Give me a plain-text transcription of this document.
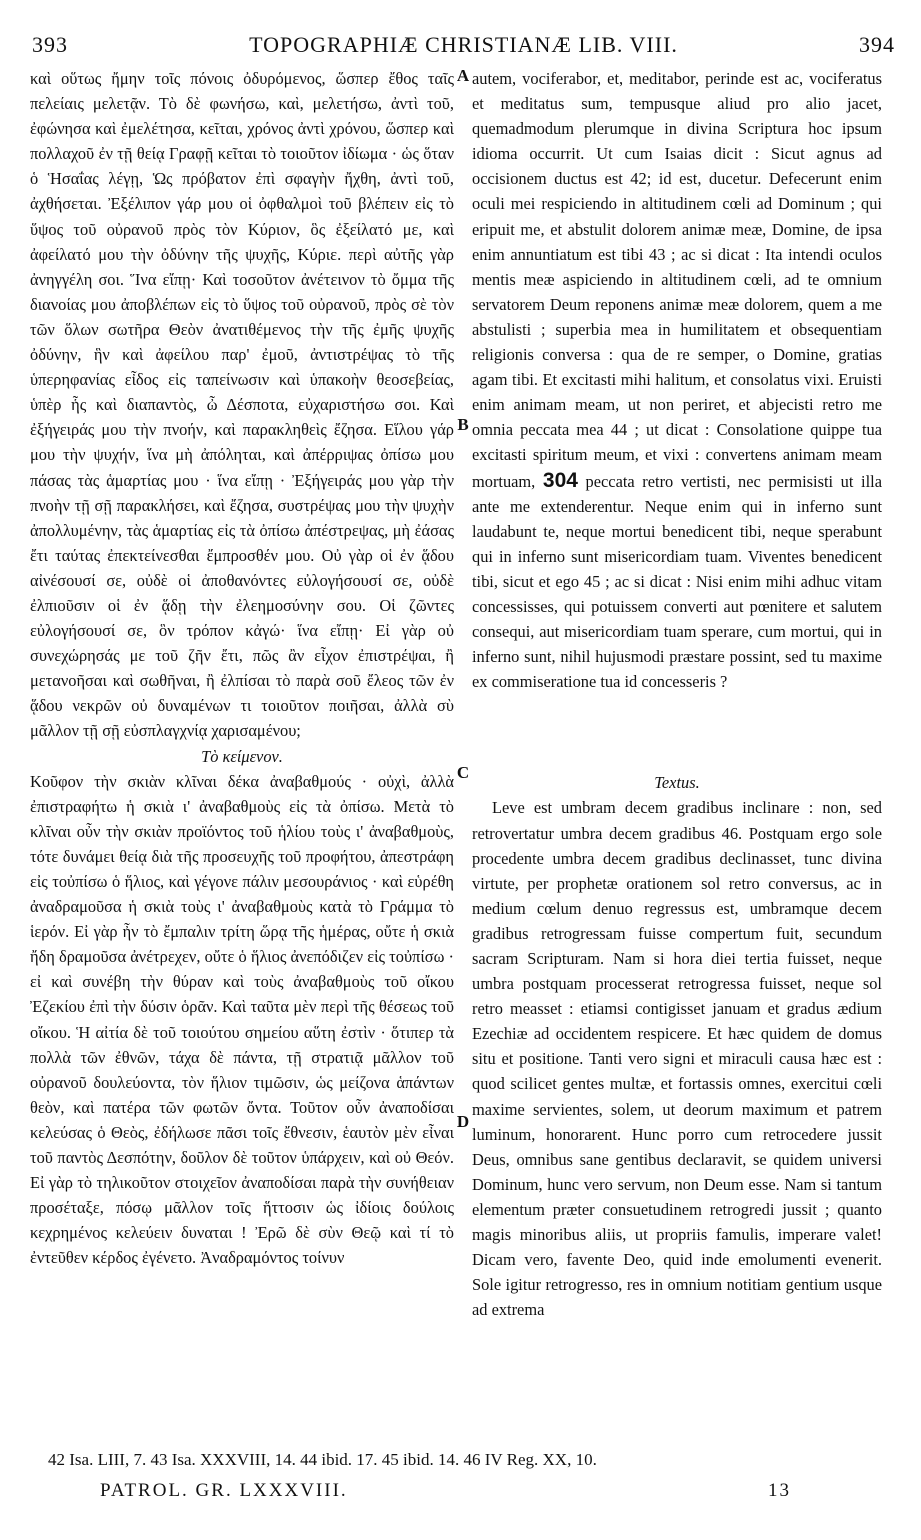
393	TOPOGRAPHIÆ CHRISTIANÆ LIB. VIII.	394

καὶ οὕτως ἤμην τοῖς πόνοις ὀδυρόμενος, ὥσπερ ἔθος ταῖς πελείαις μελετᾷν. Τὸ δὲ φωνήσω, καὶ, μελετήσω, ἀντὶ τοῦ, ἐφώνησα καὶ ἐμελέτησα, κεῖται, χρόνος ἀντὶ χρόνου, ὥσπερ καὶ πολλαχοῦ ἐν τῇ θείᾳ Γραφῇ κεῖται τὸ τοιοῦτον ἰδίωμα · ὡς ὅταν ὁ Ἡσαΐας λέγῃ, Ὡς πρόβατον ἐπὶ σφαγὴν ἤχθη, ἀντὶ τοῦ, ἀχθήσεται. Ἐξέλιπον γάρ μου οἱ ὀφθαλμοὶ τοῦ βλέπειν εἰς τὸ ὕψος τοῦ οὐρανοῦ πρὸς τὸν Κύριον, ὃς ἐξείλατό με, καὶ ἀφείλατό μου τὴν ὀδύνην τῆς ψυχῆς, Κύριε. περὶ αὐτῆς γὰρ ἀνηγγέλη σοι. Ἵνα εἴπῃ· Καὶ τοσοῦτον ἀνέτεινον τὸ ὄμμα τῆς διανοίας μου ἀποβλέπων εἰς τὸ ὕψος τοῦ οὐρανοῦ, πρὸς σὲ τὸν τῶν ὅλων σωτῆρα Θεὸν ἀνατιθέμενος τὴν τῆς ἐμῆς ψυχῆς ὀδύνην, ἣν καὶ ἀφείλου παρ' ἐμοῦ, ἀντιστρέψας τὸ τῆς ὑπερηφανίας εἶδος εἰς ταπείνωσιν καὶ ὑπακοὴν θεοσεβείας, ὑπὲρ ἧς καὶ διαπαντὸς, ὦ Δέσποτα, εὐχαριστήσω σοι. Καὶ ἐξήγειράς μου τὴν πνοήν, καὶ παρακληθεὶς ἔζησα. Εἵλου γάρ μου τὴν ψυχήν, ἵνα μὴ ἀπόληται, καὶ ἀπέρριψας ὀπίσω μου πάσας τὰς ἁμαρτίας μου · ἵνα εἴπῃ · Ἐξήγειράς μου γὰρ τὴν πνοὴν τῇ σῇ παρακλήσει, καὶ ἔζησα, συστρέψας μου τὴν ψυχὴν ἀπολλυμένην, τὰς ἁμαρτίας εἰς τὰ ὀπίσω ἀπέστρεψας, μὴ ἐάσας ἔτι ταύτας ἐπεκτείνεσθαι ἔμπροσθέν μου. Οὐ γὰρ οἱ ἐν ᾅδου αἰνέσουσί σε, οὐδὲ οἱ ἀποθανόντες εὐλογήσουσί σε, οὐδὲ ἐλπιοῦσιν οἱ ἐν ᾅδῃ τὴν ἐλεημοσύνην σου. Οἱ ζῶντες εὐλογήσουσί σε, ὃν τρόπον κἀγώ· ἵνα εἴπῃ· Εἰ γὰρ οὐ συνεχώρησάς με τοῦ ζῆν ἔτι, πῶς ἂν εἶχον ἐπιστρέψαι, ἢ μετανοῆσαι καὶ σωθῆναι, ἢ ἐλπίσαι τὸ παρὰ σοῦ ἔλεος τῶν ἐν ᾅδου νεκρῶν οὐ δυναμένων τι τοιοῦτον ποιῆσαι, ἀλλὰ σὺ μᾶλλον τῇ σῇ εὐσπλαγχνίᾳ χαρισαμένου;

Τὸ κείμενον.

Κοῦφον τὴν σκιὰν κλῖναι δέκα ἀναβαθμούς · οὐχὶ, ἀλλὰ ἐπιστραφήτω ἡ σκιὰ ι' ἀναβαθμοὺς εἰς τὰ ὀπίσω. Μετὰ τὸ κλῖναι οὖν τὴν σκιὰν προϊόντος τοῦ ἡλίου τοὺς ι' ἀναβαθμοὺς, τότε δυνάμει θείᾳ διὰ τῆς προσευχῆς τοῦ προφήτου, ἀπεστράφη εἰς τοὐπίσω ὁ ἥλιος, καὶ γέγονε πάλιν μεσουράνιος · καὶ εὑρέθη ἀναδραμοῦσα ἡ σκιὰ τοὺς ι' ἀναβαθμοὺς κατὰ τὸ Γράμμα τὸ ἱερόν. Εἰ γὰρ ἦν τὸ ἔμπαλιν τρίτη ὥρᾳ τῆς ἡμέρας, οὔτε ἡ σκιὰ ἤδη δραμοῦσα ἀνέτρεχεν, οὔτε ὁ ἥλιος ἀνεπόδιζεν εἰς τοὐπίσω · εἰ καὶ συνέβη τὴν θύραν καὶ τοὺς ἀναβαθμοὺς τοῦ οἴκου Ἐζεκίου ἐπὶ τὴν δύσιν ὁρᾶν. Καὶ ταῦτα μὲν περὶ τῆς θέσεως τοῦ οἴκου. Ἡ αἰτία δὲ τοῦ τοιούτου σημείου αὕτη ἐστὶν · ὅτιπερ τὰ πολλὰ τῶν ἐθνῶν, τάχα δὲ πάντα, τῇ στρατιᾷ μᾶλλον τοῦ οὐρανοῦ δουλεύοντα, τὸν ἥλιον τιμῶσιν, ὡς μείζονα ἁπάντων θεὸν, καὶ πατέρα τῶν φωτῶν ὄντα. Τοῦτον οὖν ἀναποδίσαι κελεύσας ὁ Θεὸς, ἐδήλωσε πᾶσι τοῖς ἔθνεσιν, ἑαυτὸν μὲν εἶναι τοῦ παντὸς Δεσπότην, δοῦλον δὲ τοῦτον ὑπάρχειν, καὶ οὐ Θεόν. Εἰ γὰρ τὸ τηλικοῦτον στοιχεῖον ἀναποδίσαι παρὰ τὴν συνήθειαν προσέταξε, πόσῳ μᾶλλον τοῖς ἥττοσιν ὡς ἰδίοις δούλοις κεχρημένος κελεύειν δυναται ! Ἐρῶ δὲ σὺν Θεῷ καὶ τί τὸ ἐντεῦθεν κέρδος ἐγένετο. Ἀναδραμόντος τοίνυν

autem, vociferabor, et, meditabor, perinde est ac, vociferatus et meditatus sum, tempusque aliud pro alio jacet, quemadmodum plerumque in divina Scriptura hoc ipsum idioma occurrit. Ut cum Isaias dicit : Sicut agnus ad occisionem ductus est 42; id est, ducetur. Defecerunt enim oculi mei respiciendo in altitudinem cœli ad Dominum ; qui eripuit me, et abstulit dolorem animæ meæ, Domine, de ipsa enim annuntiatum est tibi 43 ; ac si dicat : Ita intendi oculos mentis meæ aspiciendo in altitudinem cœli, ad te omnium servatorem Deum reponens animæ meæ dolorem, quem a me abstulisti ; superbia mea in humilitatem et obsequentiam religionis conversa : qua de re semper, o Domine, gratias agam tibi. Et excitasti mihi halitum, et consolatus vixi. Eruisti enim animam meam, ut non periret, et abjecisti retro me omnia peccata mea 44 ; ut dicat : Consolatione quippe tua excitasti spiritum meum, et vixi : convertens animam meam mortuam, 304 peccata retro vertisti, nec permisisti ut illa ante me extenderentur. Neque enim qui in inferno sunt laudabunt te, neque mortui benedicent tibi, neque sperabunt qui in inferno sunt misericordiam tuam. Viventes benedicent tibi, sicut et ego 45 ; ac si dicat : Nisi enim mihi adhuc vitam concessisses, qui potuissem converti aut pœnitere et salutem consequi, aut misericordiam tuam sperare, cum mortui, qui in inferno sunt, nihil hujusmodi præstare possint, sed tu maxime ex commiseratione tua id concesseris ?

Textus.

Leve est umbram decem gradibus inclinare : non, sed retrovertatur umbra decem gradibus 46. Postquam ergo sole procedente umbra decem gradibus declinasset, tunc divina virtute, per prophetæ orationem sol retro conversus, ac in medium cœlum denuo regressus est, umbramque decem gradibus retrogressam fuisse compertum fuit, secundum sacram Scripturam. Nam si hora diei tertia fuisset, neque umbra postquam processerat retrogressa fuisset, neque sol retro measset : etiamsi contigisset januam et gradus ædium Ezechiæ ad occidentem respicere. Et hæc quidem de domus situ et positione. Tanti vero signi et miraculi causa hæc est : quod scilicet gentes multæ, et fortassis omnes, exercitui cœli maxime servientes, solem, ut deorum maximum et patrem luminum, honorarent. Hunc porro cum retrocedere jussit Deus, omnibus sane gentibus declaravit, se quidem universi Dominum, hunc vero servum, non Deum esse. Nam si tantum elementum præter consuetudinem retrogredi jussit ; quanto magis minoribus aliis, ut propriis famulis, imperare valet! Dicam vero, favente Deo, quid inde emolumenti evenerit. Sole igitur retrogresso, res in omnium notitiam gentium usque ad extrema

A
B
C
D
42 Isa. LIII, 7. 43 Isa. XXXVIII, 14. 44 ibid. 17. 45 ibid. 14. 46 IV Reg. XX, 10.
PATROL. GR. LXXXVIII.	13
